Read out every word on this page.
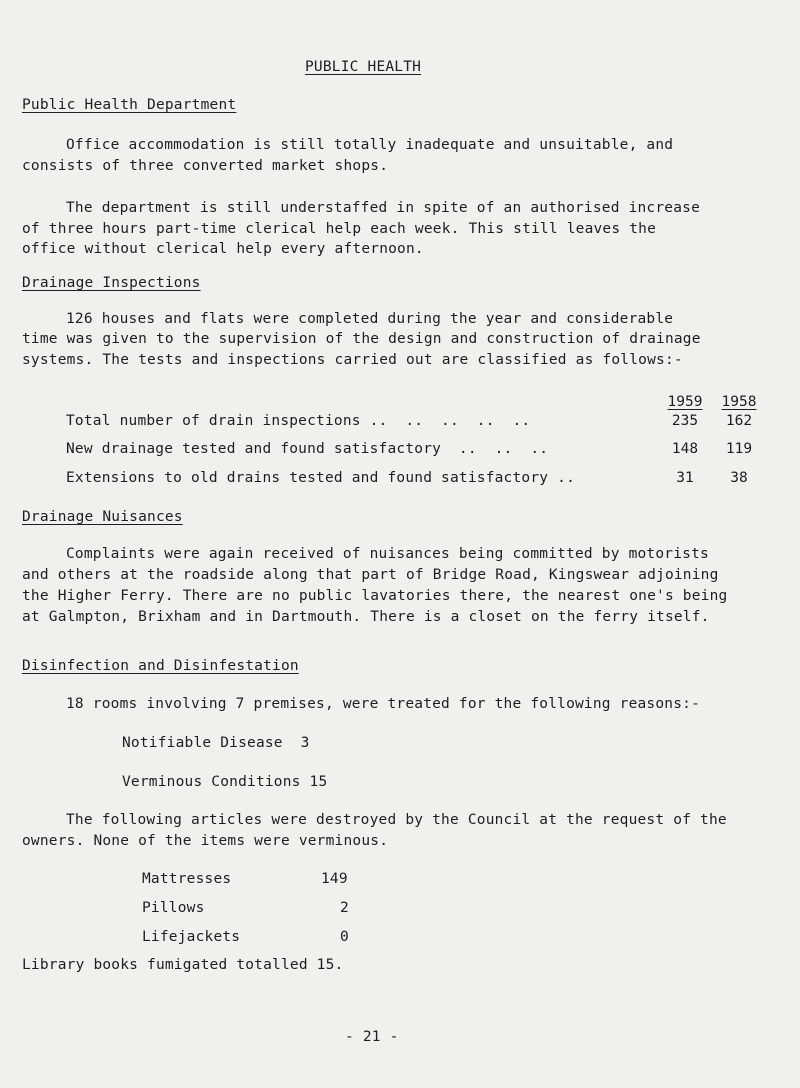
PUBLIC HEALTH
Public Health Department
Office accommodation is still totally inadequate and unsuitable, and
consists of three converted market shops.
The department is still understaffed in spite of an authorised increase
of three hours part-time clerical help each week. This still leaves the
office without clerical help every afternoon.
Drainage Inspections
126 houses and flats were completed during the year and considerable
time was given to the supervision of the design and construction of drainage
systems. The tests and inspections carried out are classified as follows:-
1959	1958
Total number of drain inspections ..  ..  ..  ..  ..	235	162
New drainage tested and found satisfactory  ..  ..  ..	148	119
Extensions to old drains tested and found satisfactory ..	31	38
Drainage Nuisances
Complaints were again received of nuisances being committed by motorists
and others at the roadside along that part of Bridge Road, Kingswear adjoining
the Higher Ferry. There are no public lavatories there, the nearest one's being
at Galmpton, Brixham and in Dartmouth. There is a closet on the ferry itself.
Disinfection and Disinfestation
18 rooms involving 7 premises, were treated for the following reasons:-
Notifiable Disease  3
Verminous Conditions 15
The following articles were destroyed by the Council at the request of the
owners. None of the items were verminous.
Mattresses	149
Pillows	2
Lifejackets	0
Library books fumigated totalled 15.
- 21 -
